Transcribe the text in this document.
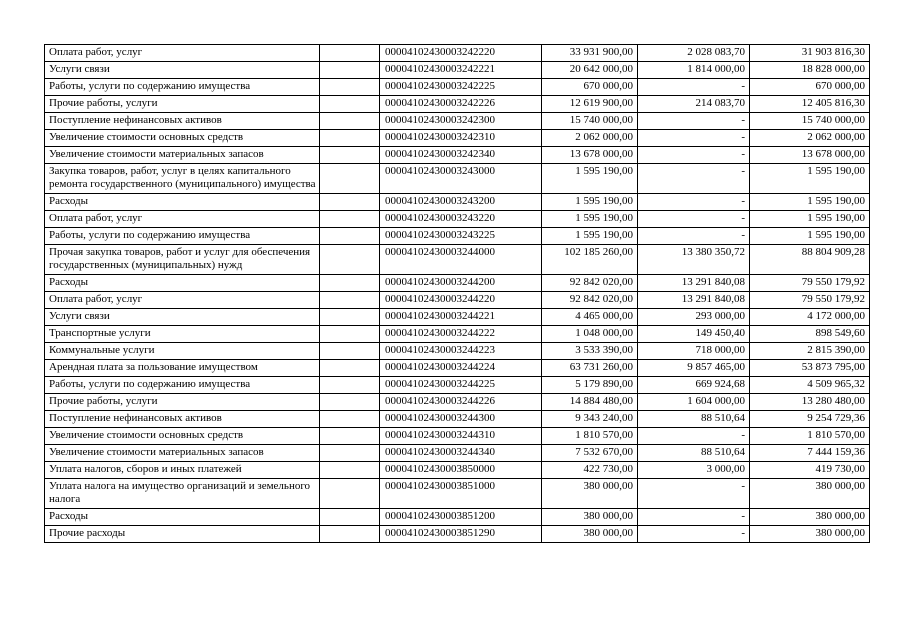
Оплата работ, услуг		00004102430003242220	33 931 900,00	2 028 083,70	31 903 816,30
Услуги связи		00004102430003242221	20 642 000,00	1 814 000,00	18 828 000,00
Работы, услуги по содержанию имущества		00004102430003242225	670 000,00	-	670 000,00
Прочие работы, услуги		00004102430003242226	12 619 900,00	214 083,70	12 405 816,30
Поступление нефинансовых активов		00004102430003242300	15 740 000,00	-	15 740 000,00
Увеличение стоимости основных средств		00004102430003242310	2 062 000,00	-	2 062 000,00
Увеличение стоимости материальных запасов		00004102430003242340	13 678 000,00	-	13 678 000,00
Закупка товаров, работ, услуг в целях капитального ремонта государственного (муниципального) имущества		00004102430003243000	1 595 190,00	-	1 595 190,00
Расходы		00004102430003243200	1 595 190,00	-	1 595 190,00
Оплата работ, услуг		00004102430003243220	1 595 190,00	-	1 595 190,00
Работы, услуги по содержанию имущества		00004102430003243225	1 595 190,00	-	1 595 190,00
Прочая закупка товаров, работ и услуг для обеспечения государственных (муниципальных) нужд		00004102430003244000	102 185 260,00	13 380 350,72	88 804 909,28
Расходы		00004102430003244200	92 842 020,00	13 291 840,08	79 550 179,92
Оплата работ, услуг		00004102430003244220	92 842 020,00	13 291 840,08	79 550 179,92
Услуги связи		00004102430003244221	4 465 000,00	293 000,00	4 172 000,00
Транспортные услуги		00004102430003244222	1 048 000,00	149 450,40	898 549,60
Коммунальные услуги		00004102430003244223	3 533 390,00	718 000,00	2 815 390,00
Арендная плата за пользование имуществом		00004102430003244224	63 731 260,00	9 857 465,00	53 873 795,00
Работы, услуги по содержанию имущества		00004102430003244225	5 179 890,00	669 924,68	4 509 965,32
Прочие работы, услуги		00004102430003244226	14 884 480,00	1 604 000,00	13 280 480,00
Поступление нефинансовых активов		00004102430003244300	9 343 240,00	88 510,64	9 254 729,36
Увеличение стоимости основных средств		00004102430003244310	1 810 570,00	-	1 810 570,00
Увеличение стоимости материальных запасов		00004102430003244340	7 532 670,00	88 510,64	7 444 159,36
Уплата налогов, сборов и иных платежей		00004102430003850000	422 730,00	3 000,00	419 730,00
Уплата налога на имущество организаций и земельного налога		00004102430003851000	380 000,00	-	380 000,00
Расходы		00004102430003851200	380 000,00	-	380 000,00
Прочие расходы		00004102430003851290	380 000,00	-	380 000,00
